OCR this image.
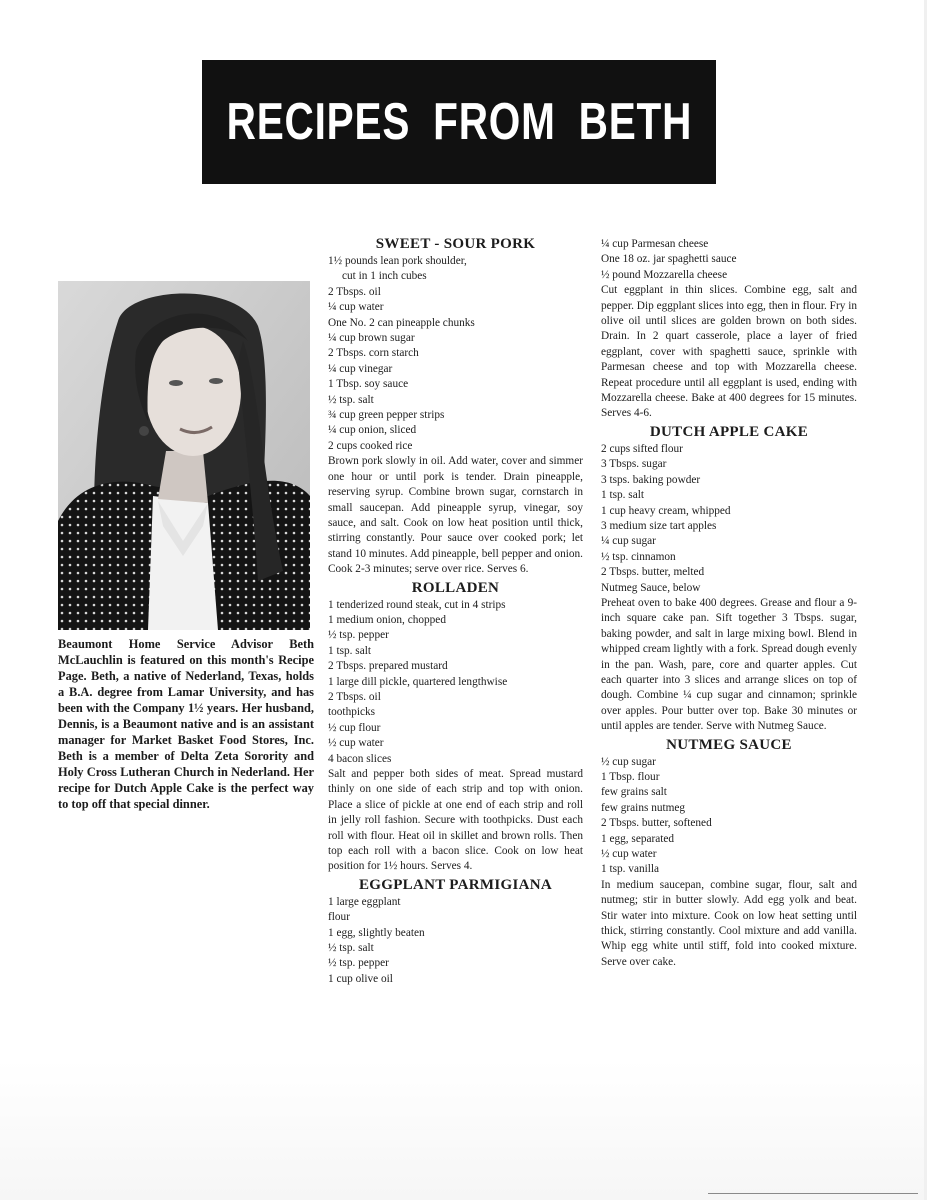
RECIPES FROM BETH

Beaumont Home Service Advisor Beth McLauchlin is featured on this month's Recipe Page. Beth, a native of Nederland, Texas, holds a B.A. degree from Lamar University, and has been with the Company 1½ years. Her husband, Dennis, is a Beaumont native and is an assistant manager for Market Basket Food Stores, Inc. Beth is a member of Delta Zeta Sorority and Holy Cross Lutheran Church in Nederland. Her recipe for Dutch Apple Cake is the perfect way to top off that special dinner.

SWEET - SOUR PORK
1½ pounds lean pork shoulder,
cut in 1 inch cubes
2 Tbsps. oil
¼ cup water
One No. 2 can pineapple chunks
¼ cup brown sugar
2 Tbsps. corn starch
¼ cup vinegar
1 Tbsp. soy sauce
½ tsp. salt
¾ cup green pepper strips
¼ cup onion, sliced
2 cups cooked rice

Brown pork slowly in oil. Add water, cover and simmer one hour or until pork is tender. Drain pineapple, reserving syrup. Combine brown sugar, cornstarch in small saucepan. Add pineapple syrup, vinegar, soy sauce, and salt. Cook on low heat position until thick, stirring constantly. Pour sauce over cooked pork; let stand 10 minutes. Add pineapple, bell pepper and onion. Cook 2-3 minutes; serve over rice. Serves 6.

ROLLADEN
1 tenderized round steak, cut in 4 strips
1 medium onion, chopped
½ tsp. pepper
1 tsp. salt
2 Tbsps. prepared mustard
1 large dill pickle, quartered lengthwise
2 Tbsps. oil
toothpicks
½ cup flour
½ cup water
4 bacon slices

Salt and pepper both sides of meat. Spread mustard thinly on one side of each strip and top with onion. Place a slice of pickle at one end of each strip and roll in jelly roll fashion. Secure with toothpicks. Dust each roll with flour. Heat oil in skillet and brown rolls. Then top each roll with a bacon slice. Cook on low heat position for 1½ hours. Serves 4.

EGGPLANT PARMIGIANA
1 large eggplant
flour
1 egg, slightly beaten
½ tsp. salt
½ tsp. pepper
1 cup olive oil
¼ cup Parmesan cheese
One 18 oz. jar spaghetti sauce
½ pound Mozzarella cheese

Cut eggplant in thin slices. Combine egg, salt and pepper. Dip eggplant slices into egg, then in flour. Fry in olive oil until slices are golden brown on both sides. Drain. In 2 quart casserole, place a layer of fried eggplant, cover with spaghetti sauce, sprinkle with Parmesan cheese and top with Mozzarella cheese. Repeat procedure until all eggplant is used, ending with Mozzarella cheese. Bake at 400 degrees for 15 minutes. Serves 4-6.

DUTCH APPLE CAKE
2 cups sifted flour
3 Tbsps. sugar
3 tsps. baking powder
1 tsp. salt
1 cup heavy cream, whipped
3 medium size tart apples
¼ cup sugar
½ tsp. cinnamon
2 Tbsps. butter, melted
Nutmeg Sauce, below

Preheat oven to bake 400 degrees. Grease and flour a 9-inch square cake pan. Sift together 3 Tbsps. sugar, baking powder, and salt in large mixing bowl. Blend in whipped cream lightly with a fork. Spread dough evenly in the pan. Wash, pare, core and quarter apples. Cut each quarter into 3 slices and arrange slices on top of dough. Combine ¼ cup sugar and cinnamon; sprinkle over apples. Pour butter over top. Bake 30 minutes or until apples are tender. Serve with Nutmeg Sauce.

NUTMEG SAUCE
½ cup sugar
1 Tbsp. flour
few grains salt
few grains nutmeg
2 Tbsps. butter, softened
1 egg, separated
½ cup water
1 tsp. vanilla

In medium saucepan, combine sugar, flour, salt and nutmeg; stir in butter slowly. Add egg yolk and beat. Stir water into mixture. Cook on low heat setting until thick, stirring constantly. Cool mixture and add vanilla. Whip egg white until stiff, fold into cooked mixture. Serve over cake.
